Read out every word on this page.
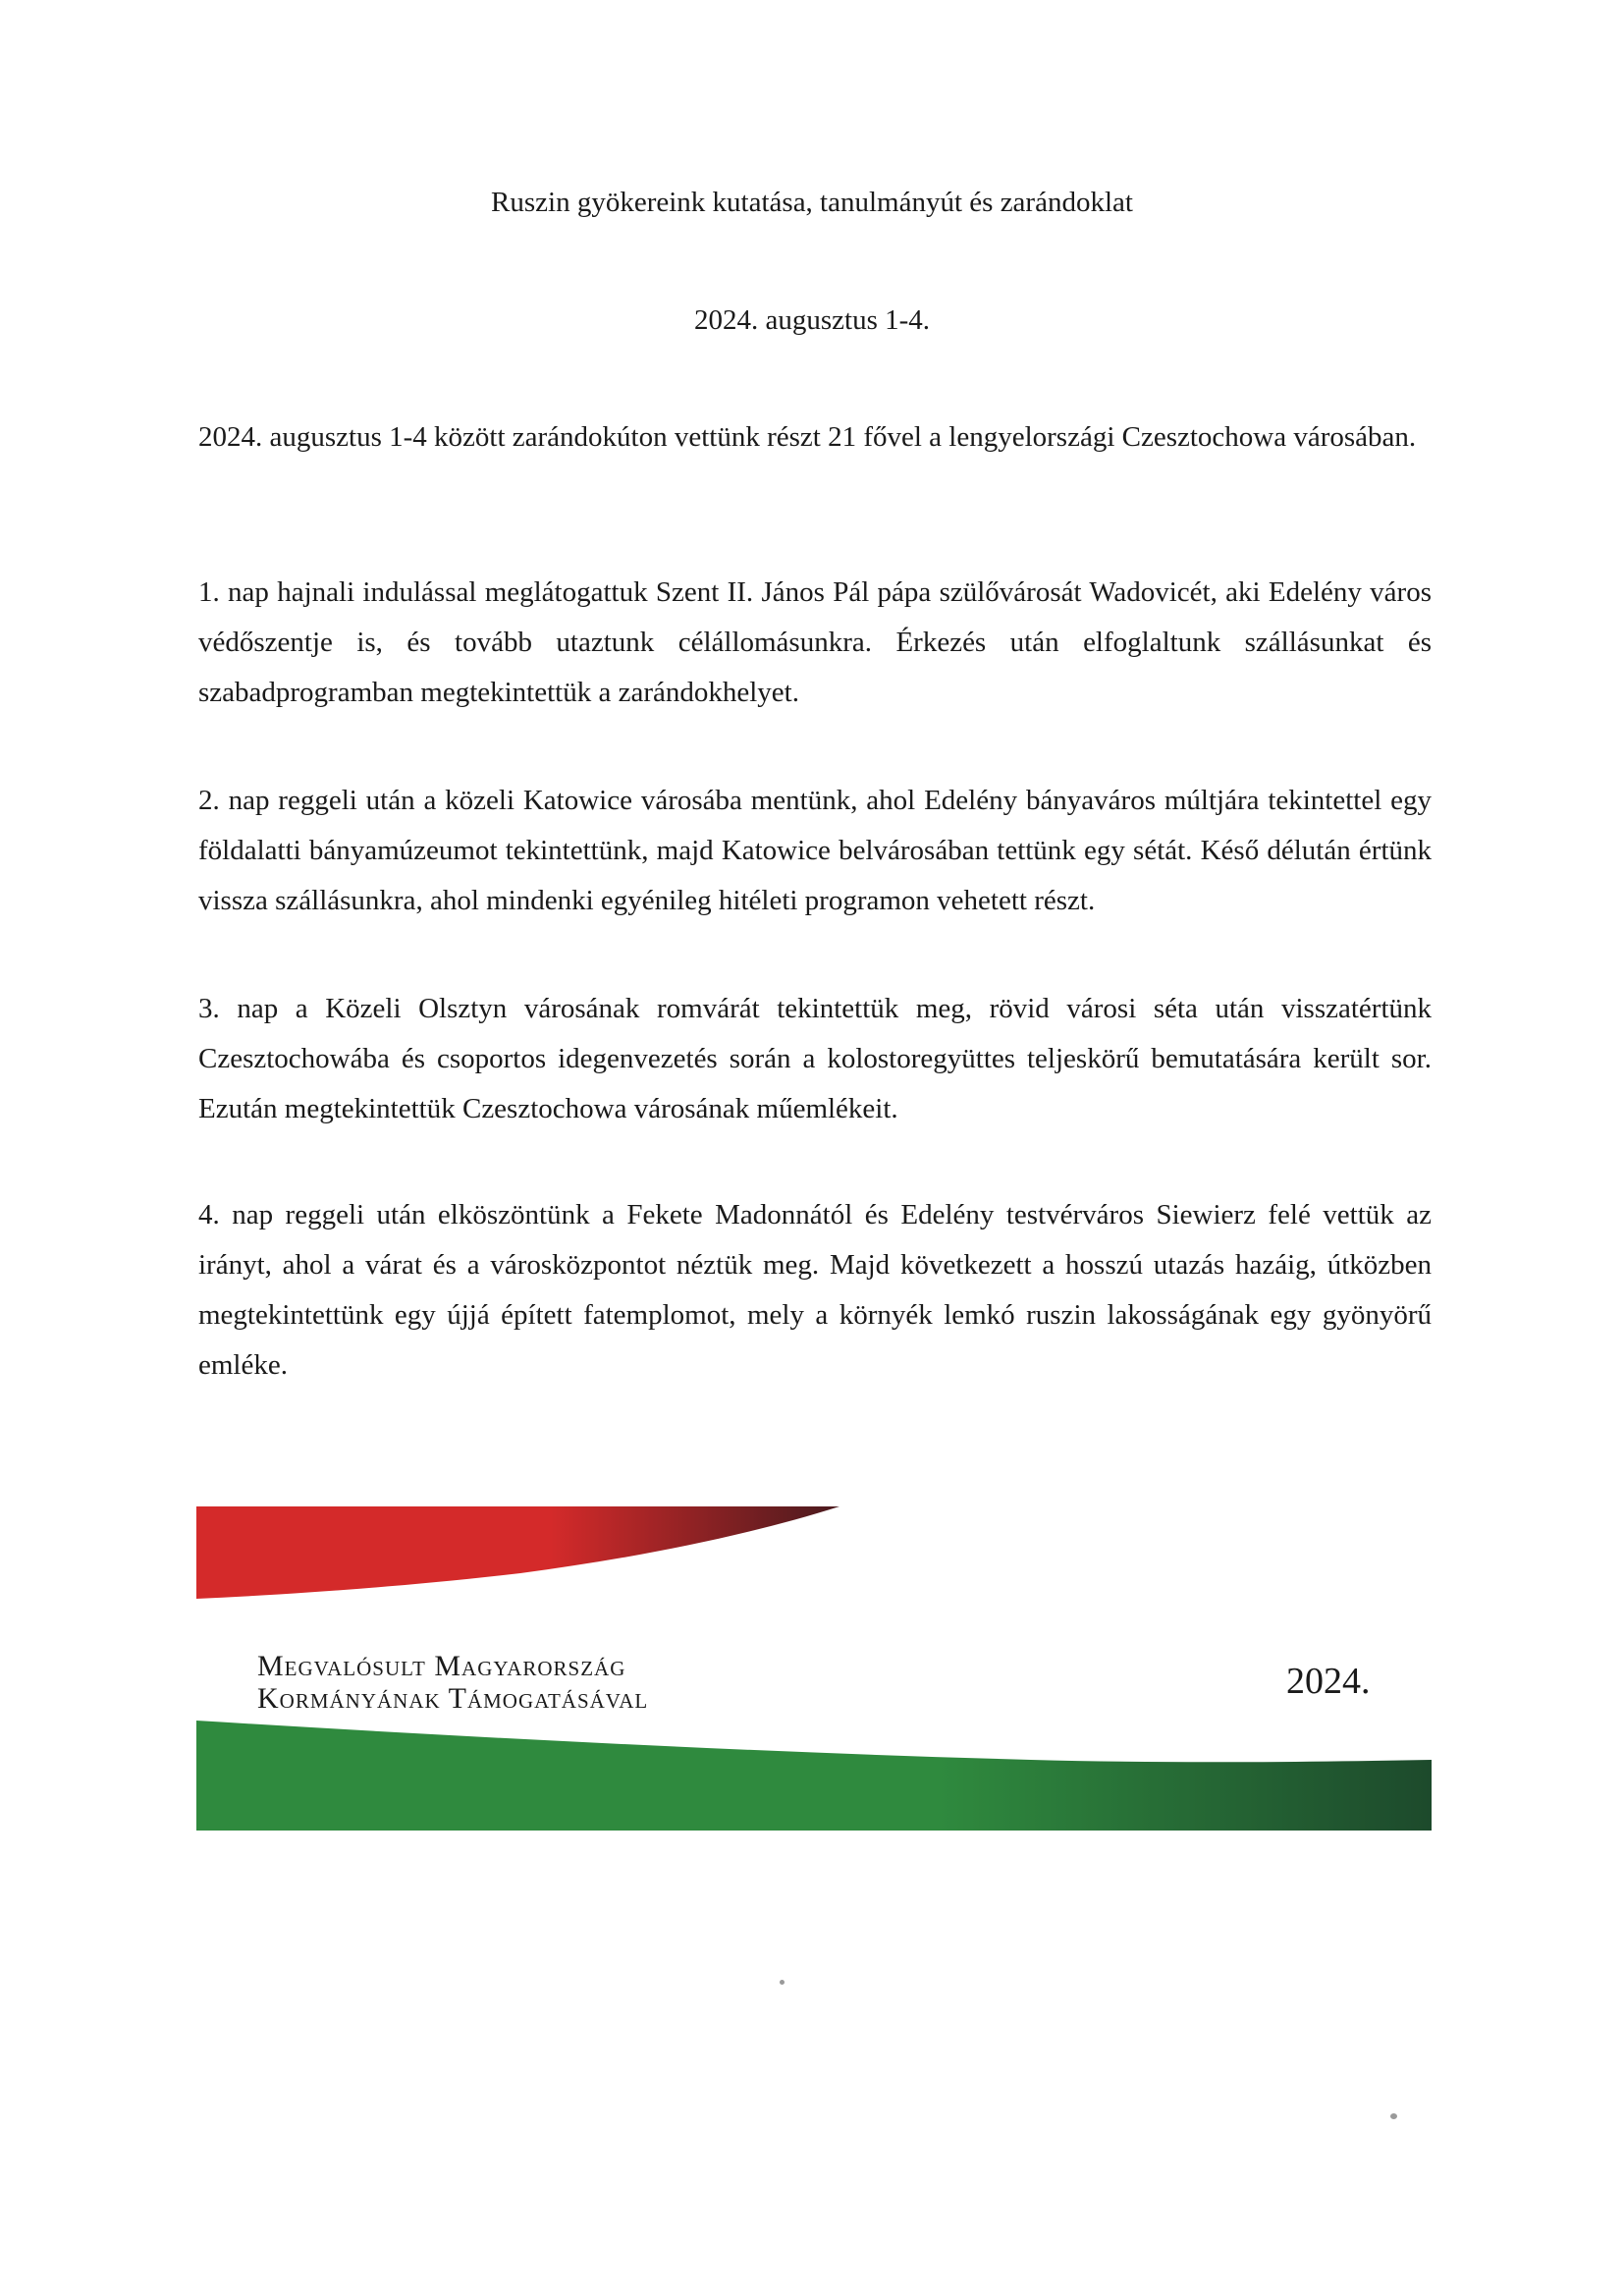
Ruszin gyökereink kutatása, tanulmányút és zarándoklat
2024. augusztus 1-4.

2024. augusztus 1-4 között zarándokúton vettünk részt 21 fővel a lengyelországi Czesztochowa városában.

1. nap hajnali indulással meglátogattuk Szent II. János Pál pápa szülővárosát Wadovicét, aki Edelény város védőszentje is, és tovább utaztunk célállomásunkra. Érkezés után elfoglaltunk szállásunkat és szabadprogramban megtekintettük a zarándokhelyet.

2. nap reggeli után a közeli Katowice városába mentünk, ahol Edelény bányaváros múltjára tekintettel egy földalatti bányamúzeumot tekintettünk, majd Katowice belvárosában tettünk egy sétát. Késő délután értünk vissza szállásunkra, ahol mindenki egyénileg hitéleti programon vehetett részt.

3. nap a Közeli Olsztyn városának romvárát tekintettük meg, rövid városi séta után visszatértünk Czesztochowába és csoportos idegenvezetés során a kolostoregyüttes teljeskörű bemutatására került sor. Ezután megtekintettük Czesztochowa városának műemlékeit.

4. nap reggeli után elköszöntünk a Fekete Madonnától és Edelény testvérváros Siewierz felé vettük az irányt, ahol a várat és a városközpontot néztük meg. Majd következett a hosszú utazás hazáig, útközben megtekintettünk egy újjá épített fatemplomot, mely a környék lemkó ruszin lakosságának egy gyönyörű emléke.

Megvalósult Magyarország
Kormányának Támogatásával	2024.
